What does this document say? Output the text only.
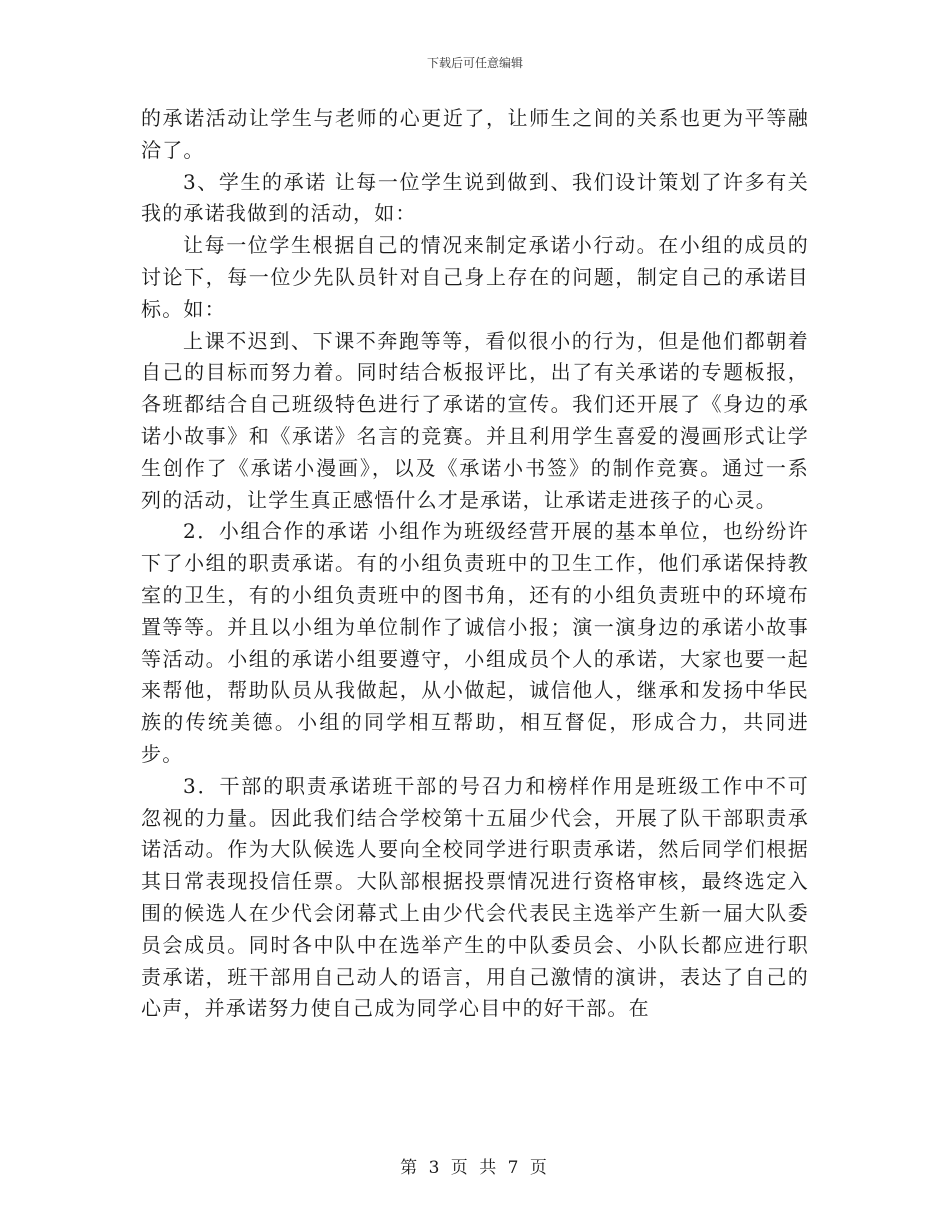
下载后可任意编辑

的承诺活动让学生与老师的心更近了，让师生之间的关系也更为平等融洽了。

3、学生的承诺 让每一位学生说到做到、我们设计策划了许多有关我的承诺我做到的活动，如：

让每一位学生根据自己的情况来制定承诺小行动。在小组的成员的讨论下，每一位少先队员针对自己身上存在的问题，制定自己的承诺目标。如：

上课不迟到、下课不奔跑等等，看似很小的行为，但是他们都朝着自己的目标而努力着。同时结合板报评比，出了有关承诺的专题板报，各班都结合自己班级特色进行了承诺的宣传。我们还开展了《身边的承诺小故事》和《承诺》名言的竞赛。并且利用学生喜爱的漫画形式让学生创作了《承诺小漫画》，以及《承诺小书签》的制作竞赛。通过一系列的活动，让学生真正感悟什么才是承诺，让承诺走进孩子的心灵。

2．小组合作的承诺 小组作为班级经营开展的基本单位，也纷纷许下了小组的职责承诺。有的小组负责班中的卫生工作，他们承诺保持教室的卫生，有的小组负责班中的图书角，还有的小组负责班中的环境布置等等。并且以小组为单位制作了诚信小报；演一演身边的承诺小故事等活动。小组的承诺小组要遵守，小组成员个人的承诺，大家也要一起来帮他，帮助队员从我做起，从小做起，诚信他人，继承和发扬中华民族的传统美德。小组的同学相互帮助，相互督促，形成合力，共同进步。

3．干部的职责承诺班干部的号召力和榜样作用是班级工作中不可忽视的力量。因此我们结合学校第十五届少代会，开展了队干部职责承诺活动。作为大队候选人要向全校同学进行职责承诺，然后同学们根据其日常表现投信任票。大队部根据投票情况进行资格审核，最终选定入围的候选人在少代会闭幕式上由少代会代表民主选举产生新一届大队委员会成员。同时各中队中在选举产生的中队委员会、小队长都应进行职责承诺，班干部用自己动人的语言，用自己激情的演讲，表达了自己的心声，并承诺努力使自己成为同学心目中的好干部。在

第 3 页 共 7 页
